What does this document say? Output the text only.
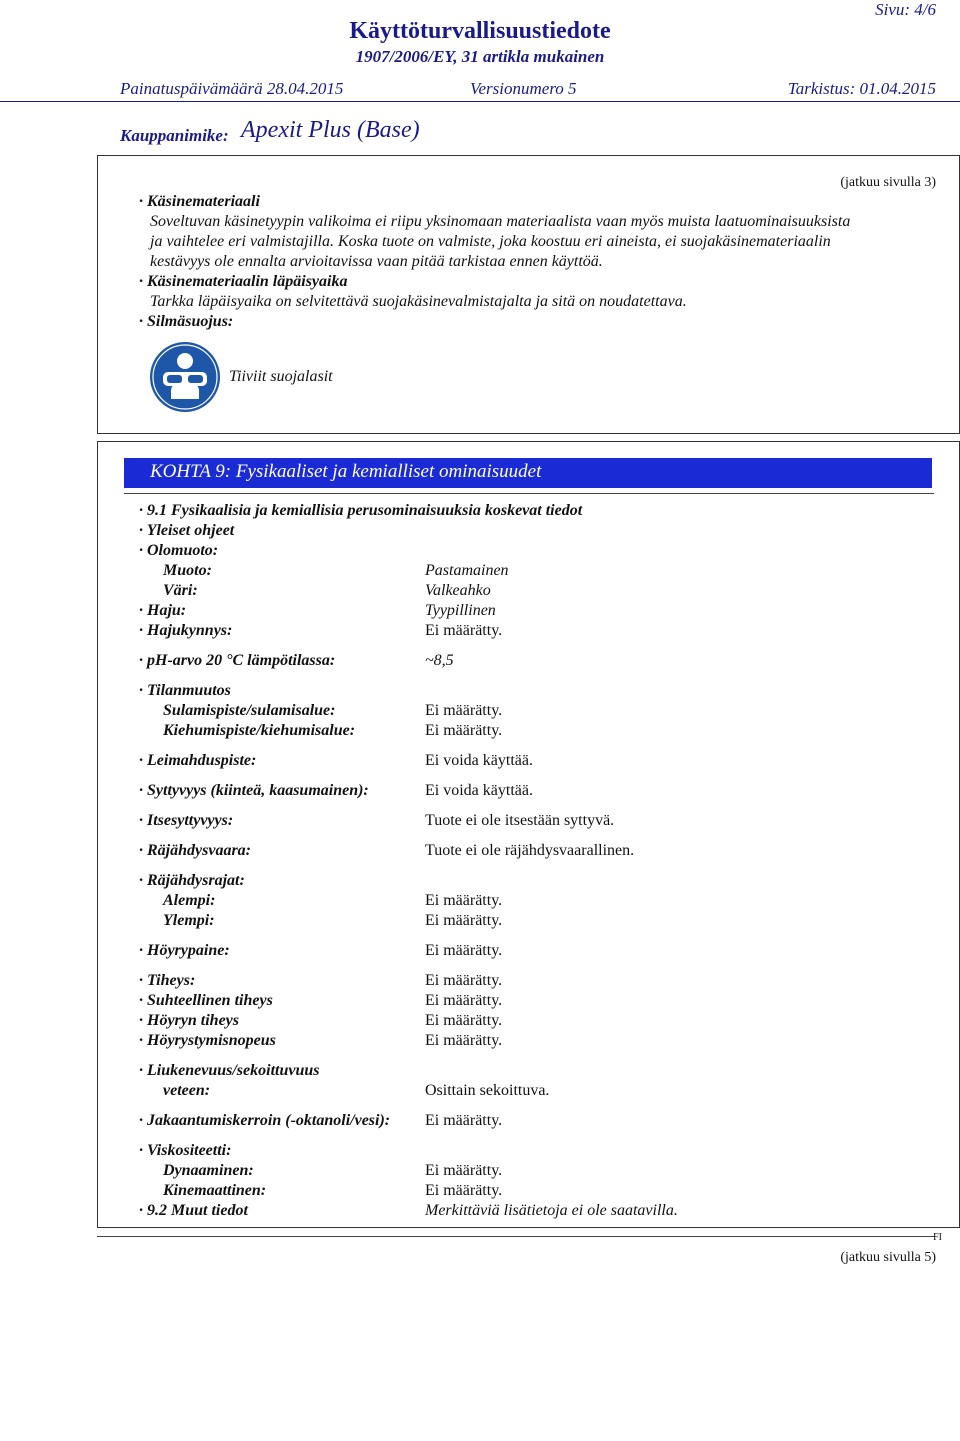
Sivu: 4/6
Käyttöturvallisuustiedote
1907/2006/EY, 31 artikla mukainen
Painatuspäivämäärä 28.04.2015	Versionumero 5	Tarkistus: 01.04.2015
Kauppanimike: Apexit Plus (Base)
(jatkuu sivulla 3)
· Käsinemateriaali
Soveltuvan käsinetyypin valikoima ei riipu yksinomaan materiaalista vaan myös muista laatuominaisuuksista
ja vaihtelee eri valmistajilla. Koska tuote on valmiste, joka koostuu eri aineista, ei suojakäsinemateriaalin
kestävyys ole ennalta arvioitavissa vaan pitää tarkistaa ennen käyttöä.
· Käsinemateriaalin läpäisyaika
Tarkka läpäisyaika on selvitettävä suojakäsinevalmistajalta ja sitä on noudatettava.
· Silmäsuojus:
Tiiviit suojalasit
KOHTA 9: Fysikaaliset ja kemialliset ominaisuudet
· 9.1 Fysikaalisia ja kemiallisia perusominaisuuksia koskevat tiedot
· Yleiset ohjeet
· Olomuoto:
Muoto:	Pastamainen
Väri:	Valkeahko
· Haju:	Tyypillinen
· Hajukynnys:	Ei määrätty.
· pH-arvo 20 °C lämpötilassa:	~8,5
· Tilanmuutos
Sulamispiste/sulamisalue:	Ei määrätty.
Kiehumispiste/kiehumisalue:	Ei määrätty.
· Leimahduspiste:	Ei voida käyttää.
· Syttyvyys (kiinteä, kaasumainen):	Ei voida käyttää.
· Itsesyttyvyys:	Tuote ei ole itsestään syttyvä.
· Räjähdysvaara:	Tuote ei ole räjähdysvaarallinen.
· Räjähdysrajat:
Alempi:	Ei määrätty.
Ylempi:	Ei määrätty.
· Höyrypaine:	Ei määrätty.
· Tiheys:	Ei määrätty.
· Suhteellinen tiheys	Ei määrätty.
· Höyryn tiheys	Ei määrätty.
· Höyrystymisnopeus	Ei määrätty.
· Liukenevuus/sekoittuvuus
veteen:	Osittain sekoittuva.
· Jakaantumiskerroin (-oktanoli/vesi): Ei määrätty.
· Viskositeetti:
Dynaaminen:	Ei määrätty.
Kinemaattinen:	Ei määrätty.
· 9.2 Muut tiedot	Merkittäviä lisätietoja ei ole saatavilla.
FI
(jatkuu sivulla 5)
